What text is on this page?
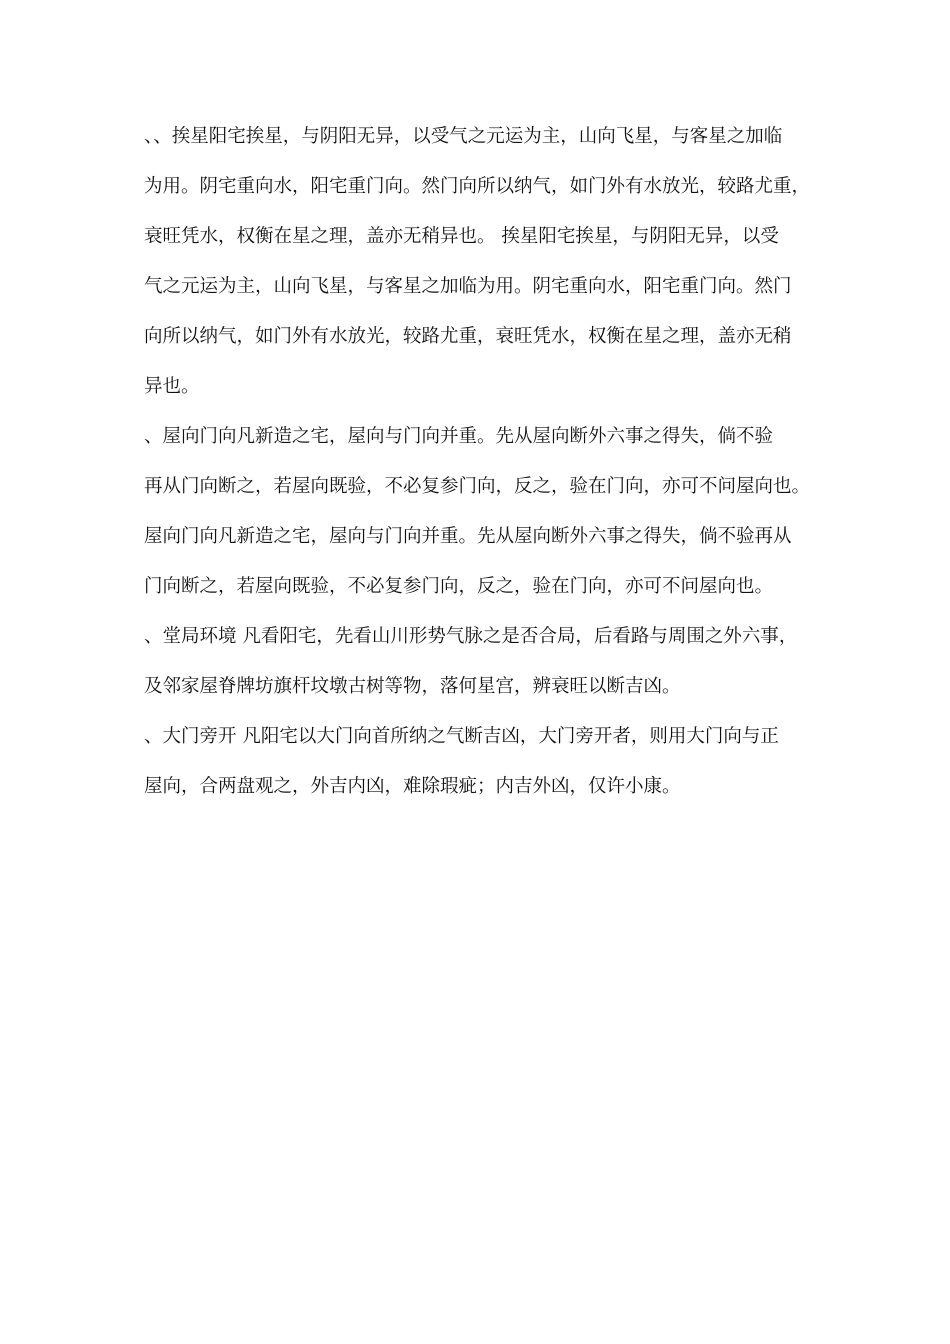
、、挨星阳宅挨星，与阴阳无异，以受气之元运为主，山向飞星，与客星之加临
为用。阴宅重向水，阳宅重门向。然门向所以纳气，如门外有水放光，较路尤重，
衰旺凭水，权衡在星之理，盖亦无稍异也。 挨星阳宅挨星，与阴阳无异，以受
气之元运为主，山向飞星，与客星之加临为用。阴宅重向水，阳宅重门向。然门
向所以纳气，如门外有水放光，较路尤重，衰旺凭水，权衡在星之理，盖亦无稍
异也。
、屋向门向凡新造之宅，屋向与门向并重。先从屋向断外六事之得失，倘不验
再从门向断之，若屋向既验，不必复参门向，反之，验在门向，亦可不问屋向也。
屋向门向凡新造之宅，屋向与门向并重。先从屋向断外六事之得失，倘不验再从
门向断之，若屋向既验，不必复参门向，反之，验在门向，亦可不问屋向也。
、堂局环境 凡看阳宅，先看山川形势气脉之是否合局，后看路与周围之外六事，
及邻家屋脊牌坊旗杆坟墩古树等物，落何星宫，辨衰旺以断吉凶。
、大门旁开 凡阳宅以大门向首所纳之气断吉凶，大门旁开者，则用大门向与正
屋向，合两盘观之，外吉内凶，难除瑕疵；内吉外凶，仅许小康。
